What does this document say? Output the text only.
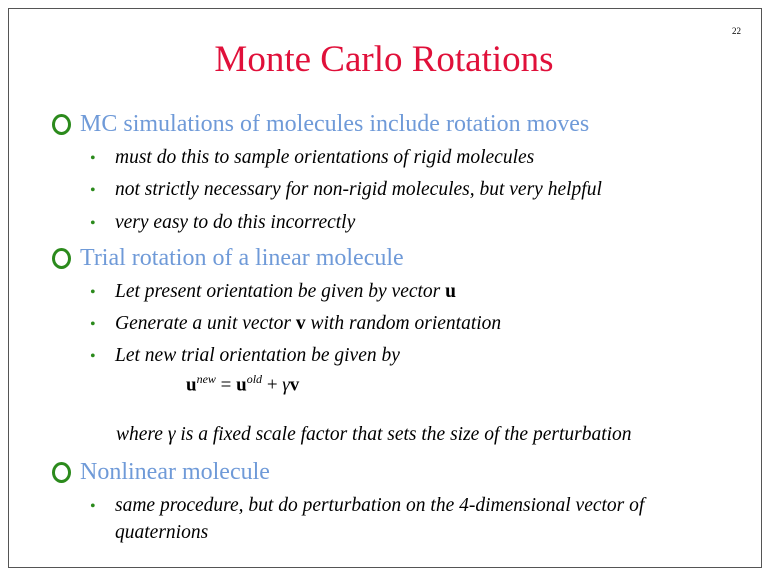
22
Monte Carlo Rotations
MC simulations of molecules include rotation moves
• must do this to sample orientations of rigid molecules
• not strictly necessary for non-rigid molecules, but very helpful
• very easy to do this incorrectly
Trial rotation of a linear molecule
• Let present orientation be given by vector u
• Generate a unit vector v with random orientation
• Let new trial orientation be given by
$u^{new} = u^{old} + \gamma v$
where γ is a fixed scale factor that sets the size of the perturbation
Nonlinear molecule
• same procedure, but do perturbation on the 4-dimensional vector of
quaternions
